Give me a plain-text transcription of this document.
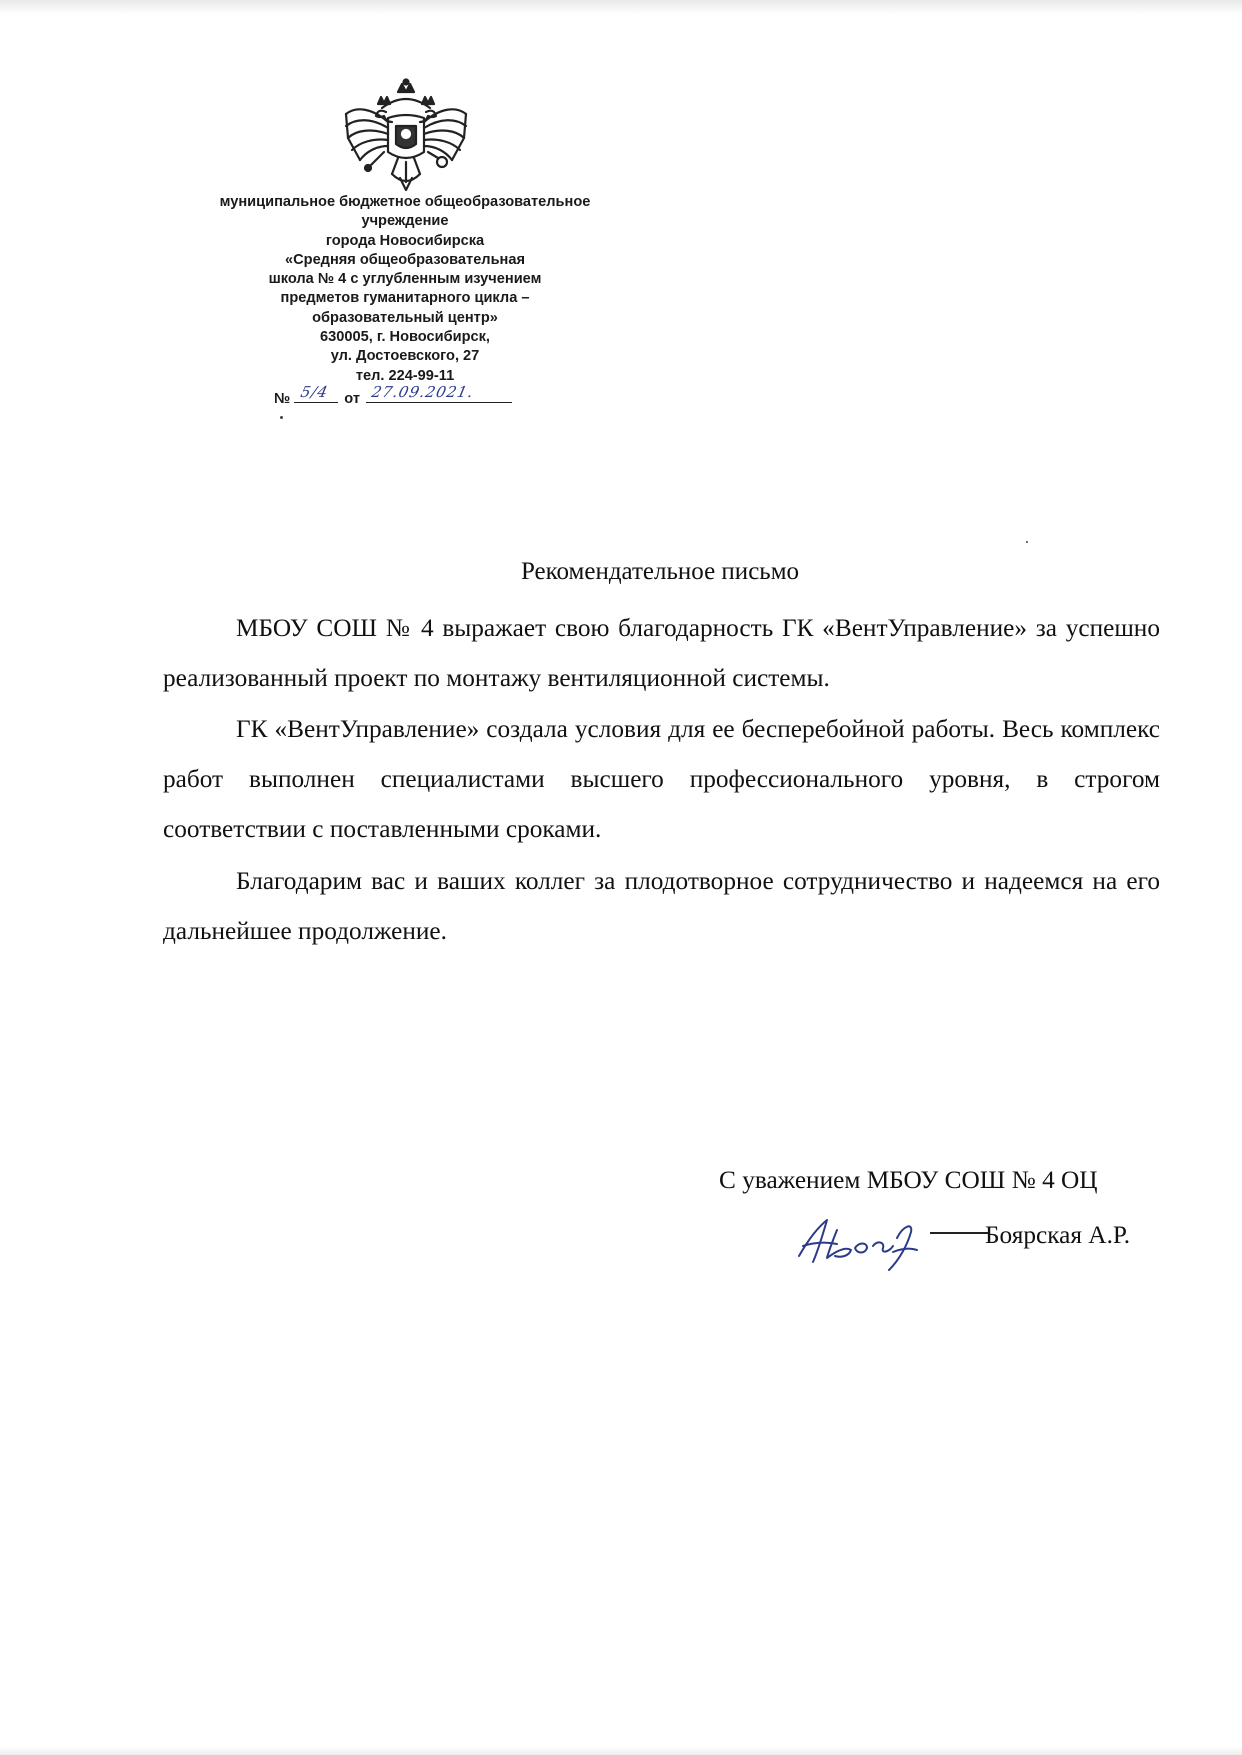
муниципальное бюджетное общеобразовательное
учреждение
города Новосибирска
«Средняя общеобразовательная
школа № 4 с углубленным изучением
предметов гуманитарного цикла –
образовательный центр»
630005, г. Новосибирск,
ул. Достоевского, 27
тел. 224-99-11
№ 5/4 от 27.09.2021.
Рекомендательное письмо

МБОУ СОШ № 4 выражает свою благодарность ГК «ВентУправление» за успешно реализованный проект по монтажу вентиляционной системы.

ГК «ВентУправление» создала условия для ее бесперебойной работы. Весь комплекс работ выполнен специалистами высшего профессионального уровня, в строгом соответствии с поставленными сроками.

Благодарим вас и ваших коллег за плодотворное сотрудничество и надеемся на его дальнейшее продолжение.

С уважением МБОУ СОШ № 4 ОЦ
Боярская А.Р.
